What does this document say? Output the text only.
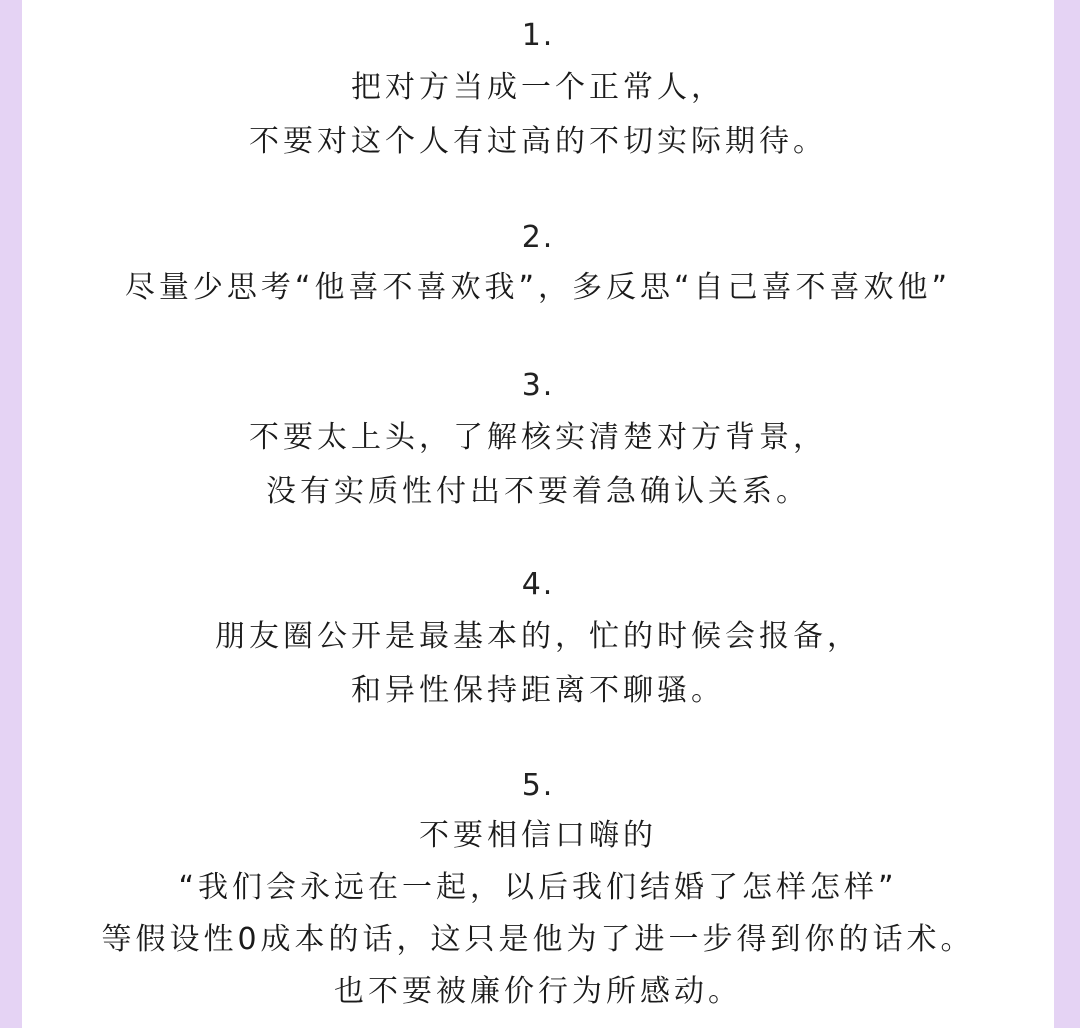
1.
把对方当成一个正常人，
不要对这个人有过高的不切实际期待。
2.
尽量少思考“他喜不喜欢我”，多反思“自己喜不喜欢他”
3.
不要太上头，了解核实清楚对方背景，
没有实质性付出不要着急确认关系。
4.
朋友圈公开是最基本的，忙的时候会报备，
和异性保持距离不聊骚。
5.
不要相信口嗨的
“我们会永远在一起，以后我们结婚了怎样怎样”
等假设性0成本的话，这只是他为了进一步得到你的话术。
也不要被廉价行为所感动。
